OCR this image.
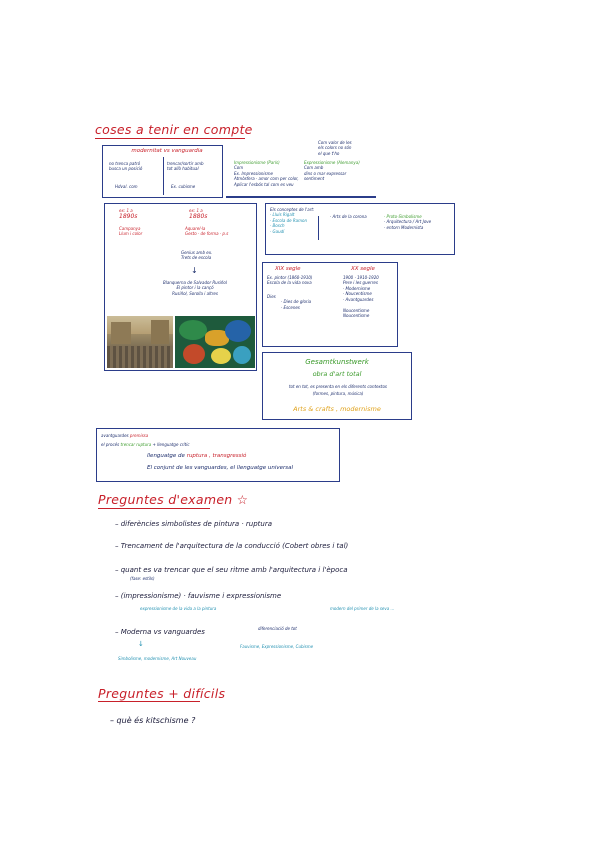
coses a tenir en compte
modernitat vs vanguardia
no trenca patró
busca un posició
Hdval. com
trencar/sortir amb
tot allò habitual
Ex. cubisme
Impressionisme (París)
Com
Ex. Impressionisme
Atmòsfera · amor com per color,
Aplicar l'esbós tal com es veu
Expressionisme (Alemanya)
Com amb
dins o mar expressar
sentiment
Com valor de les
els colors no són
el que t'ho
ex: 1 a
1890s
Campanya
Llum i color
ex: 1 a
1880s
Aquarel·la
Gesto · de forma · p.s
Genius amb ex.
Trets de escola
↓
Blanquerna de Salvador Rusiñol
El pintor i la cançó
Rusiñol, Sorolla i altres
Els conceptes de l'art:
· Lluís Rigalt
· Escola de Ramon
· Bosch
· Gaudí
· Arts de la corona	· Proto-Simbolisme
· Arquitectura / Art Jove
· entorn Modernista
XIX segle
Ex. pintor (1860-1910)
Escola de la vida nova
Dies
· Dies de gloria
· Escenes
XX segle
1900 · 1910-1920
Pere i les guerres
· Modernisme
· Noucentisme
· Avantguardes
Noucentisme
Noucentisme
Gesamtkunstwerk
obra d'art total
tot en tot, es presenta en els diferents contextos
(formes, pintura, música)
Arts & crafts , modernisme
avantguardes premissa
el procés trencar ruptura + llenguatge crític
llenguatge de ruptura , transgressió
El conjunt de les vanguardes, el llenguatge universal
Preguntes d'examen ☆
– diferències simbolistes de pintura · ruptura
– Trencament de l'arquitectura de la conducció (Cobert obres i tal)
– quant es va trencar que el seu ritme amb l'arquitectura i l'època
(fase: estils)
– (impressionisme) · fauvisme i expressionisme
expressionisme de la vida a la pintura	modern del primer de la seva ...
– Moderna vs vanguardes	diferenciació de tot
Fauvisme, Expressionisme, Cubisme
↓
Simbolisme, modernisme, Art Nouveau
Preguntes + difícils
– què és kitschisme ?
